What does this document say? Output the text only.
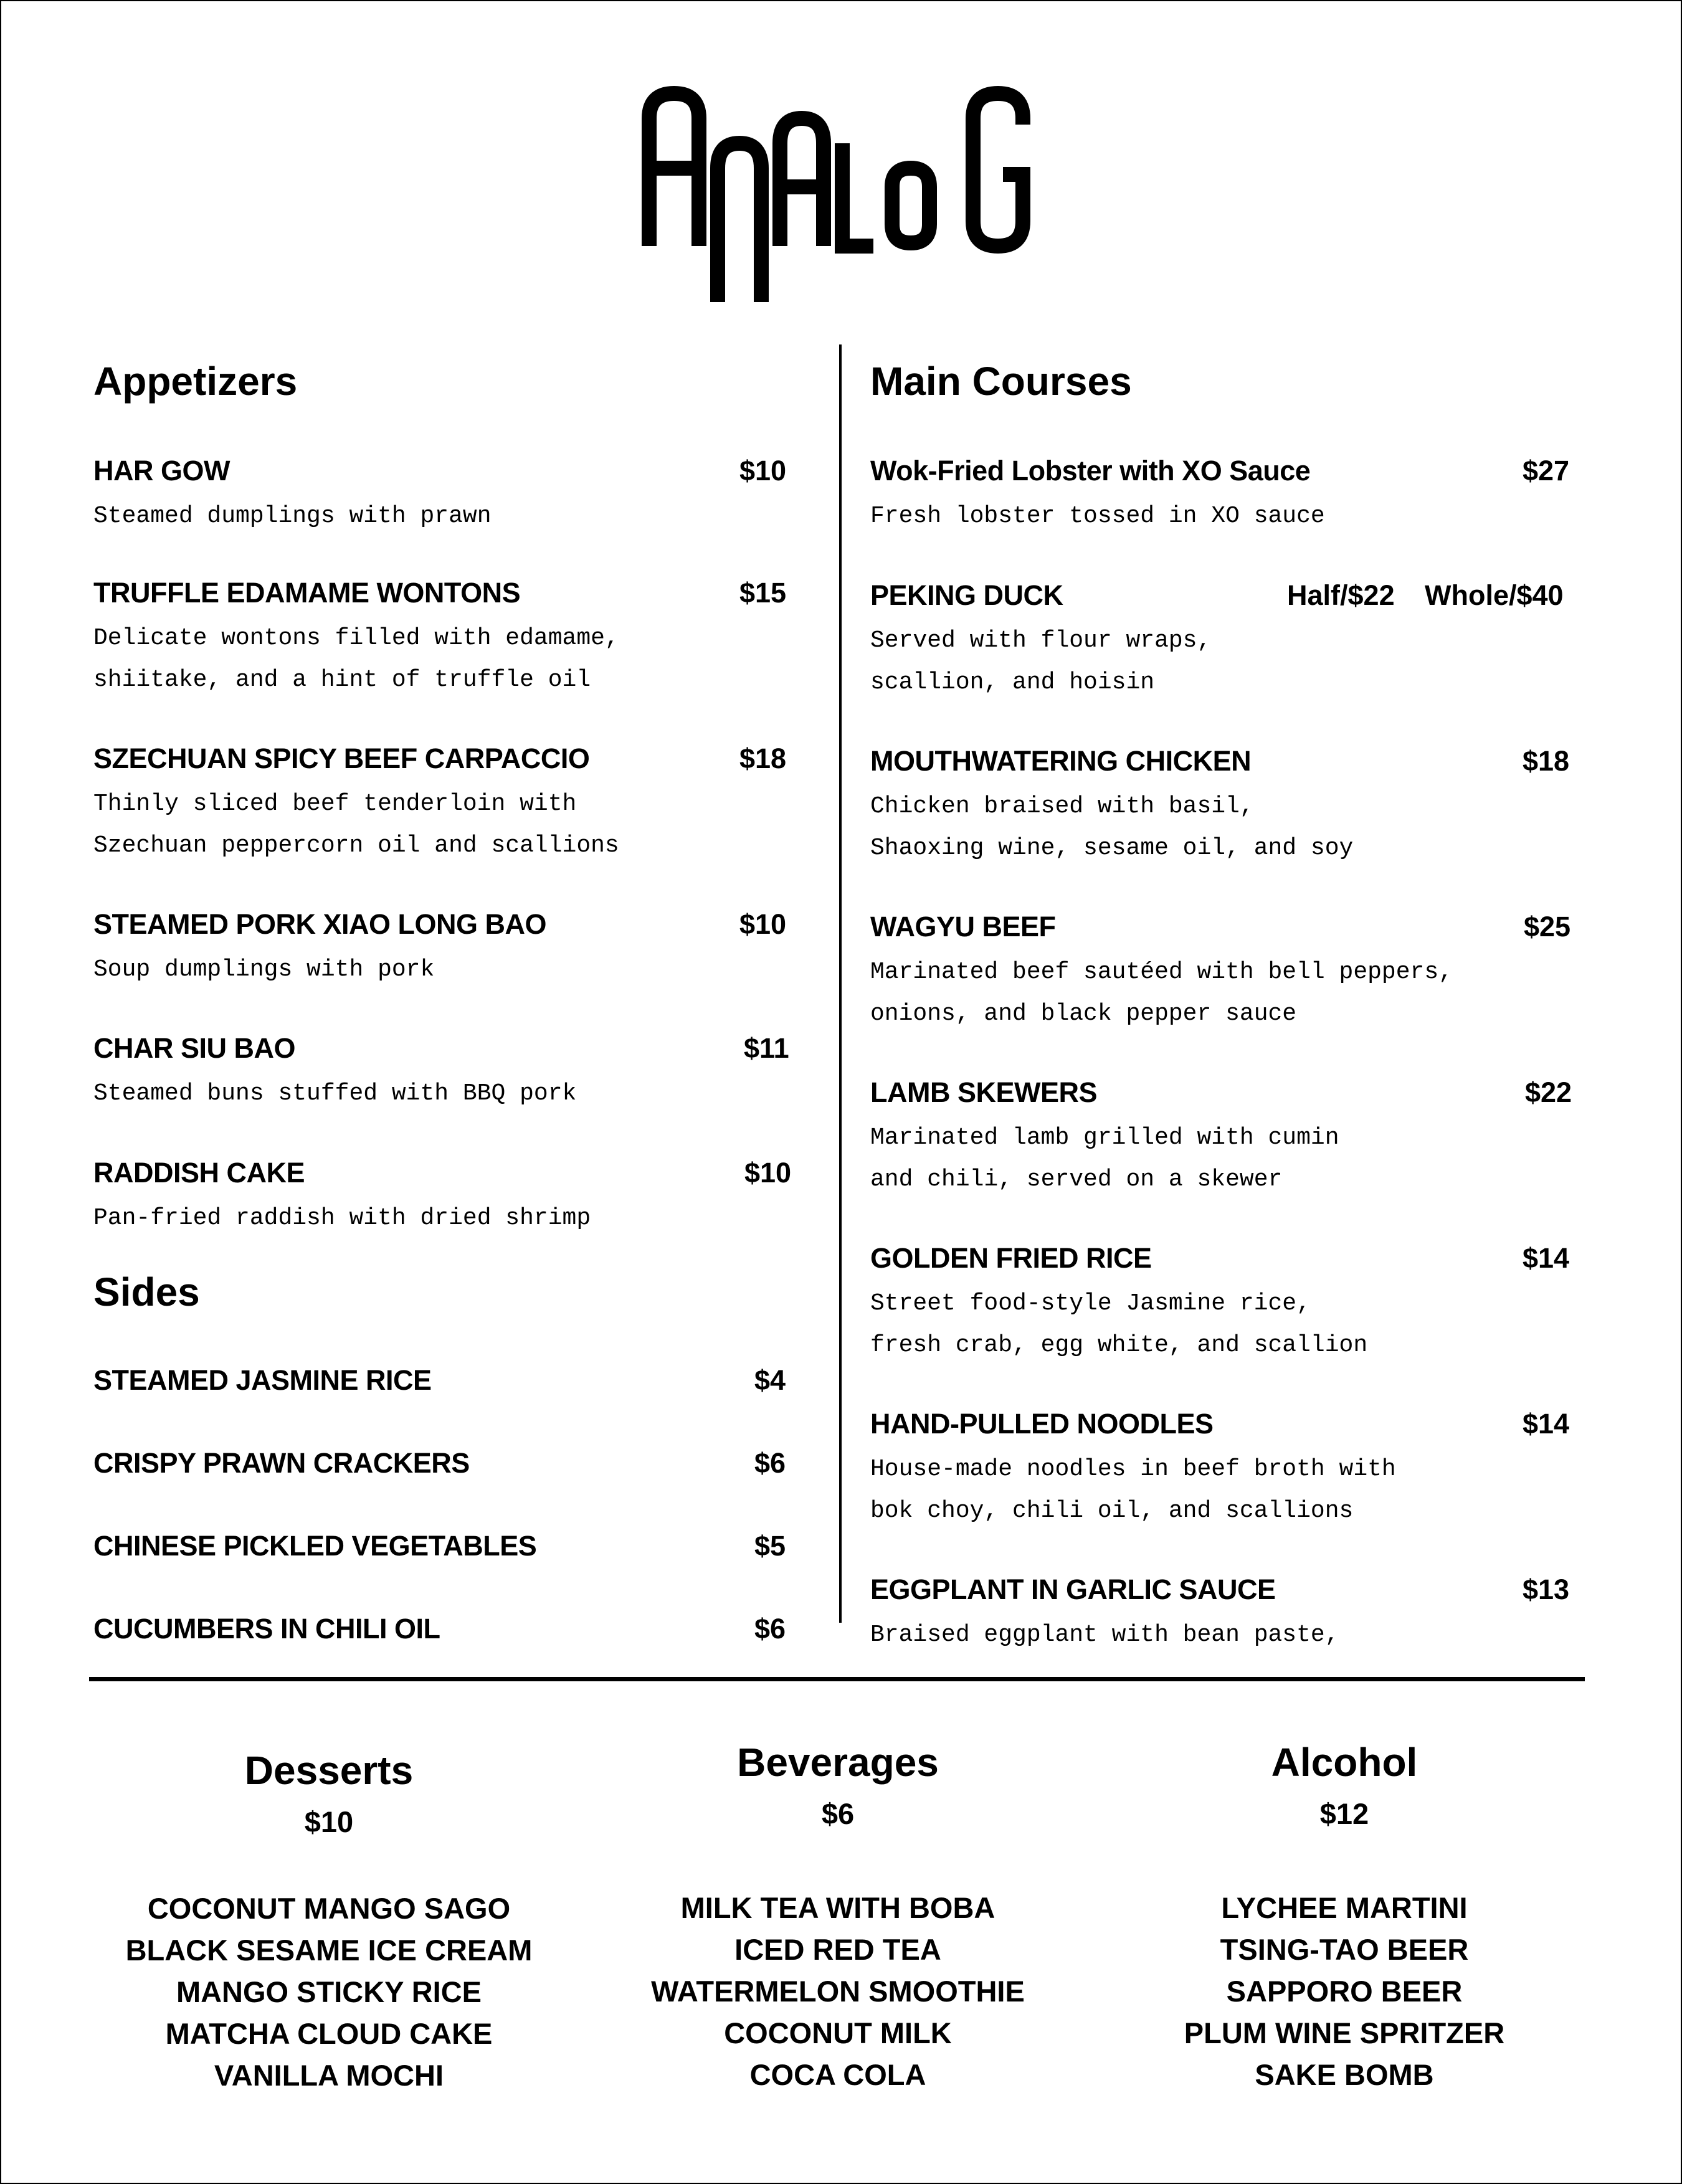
Appetizers
HAR GOW	$10
Steamed dumplings with prawn
TRUFFLE EDAMAME WONTONS	$15
Delicate wontons filled with edamame,
shiitake, and a hint of truffle oil
SZECHUAN SPICY BEEF CARPACCIO	$18
Thinly sliced beef tenderloin with
Szechuan peppercorn oil and scallions
STEAMED PORK XIAO LONG BAO	$10
Soup dumplings with pork
CHAR SIU BAO	$11
Steamed buns stuffed with BBQ pork
RADDISH CAKE	$10
Pan-fried raddish with dried shrimp
Sides
STEAMED JASMINE RICE	$4
CRISPY PRAWN CRACKERS	$6
CHINESE PICKLED VEGETABLES	$5
CUCUMBERS IN CHILI OIL	$6
Main Courses
Wok-Fried Lobster with XO Sauce	$27
Fresh lobster tossed in XO sauce
PEKING DUCK	Half/$22 Whole/$40
Served with flour wraps,
scallion, and hoisin
MOUTHWATERING CHICKEN	$18
Chicken braised with basil,
Shaoxing wine, sesame oil, and soy
WAGYU BEEF	$25
Marinated beef sautéed with bell peppers,
onions, and black pepper sauce
LAMB SKEWERS	$22
Marinated lamb grilled with cumin
and chili, served on a skewer
GOLDEN FRIED RICE	$14
Street food-style Jasmine rice,
fresh crab, egg white, and scallion
HAND-PULLED NOODLES	$14
House-made noodles in beef broth with
bok choy, chili oil, and scallions
EGGPLANT IN GARLIC SAUCE	$13
Braised eggplant with bean paste,
Desserts
$10
COCONUT MANGO SAGO
BLACK SESAME ICE CREAM
MANGO STICKY RICE
MATCHA CLOUD CAKE
VANILLA MOCHI
Beverages
$6
MILK TEA WITH BOBA
ICED RED TEA
WATERMELON SMOOTHIE
COCONUT MILK
COCA COLA
Alcohol
$12
LYCHEE MARTINI
TSING-TAO BEER
SAPPORO BEER
PLUM WINE SPRITZER
SAKE BOMB
